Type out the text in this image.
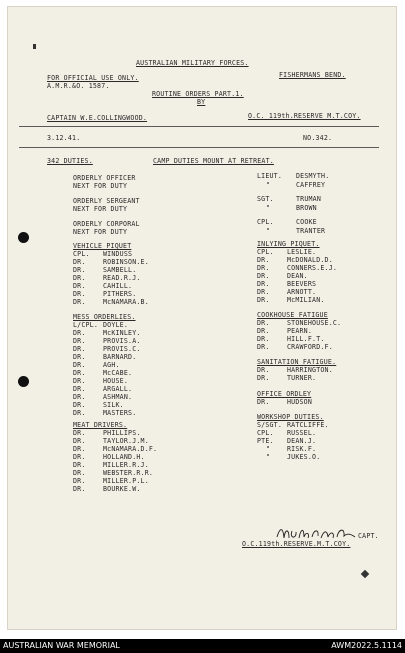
AUSTRALIAN MILITARY FORCES.
FOR OFFICIAL USE ONLY.
A.M.R.&O. 1587.
FISHERMANS BEND.
ROUTINE ORDERS PART.1.
BY
CAPTAIN W.E.COLLINGWOOD.	O.C. 119th.RESERVE M.T.COY.
3.12.41.	NO.342.
342 DUTIES.	CAMP DUTIES MOUNT AT RETREAT.
ORDERLY OFFICER
NEXT FOR DUTY
LIEUT. DESMYTH.
"	CAFFREY
ORDERLY SERGEANT
NEXT FOR DUTY
SGT.	TRUMAN
"	BROWN
ORDERLY CORPORAL
NEXT FOR DUTY
CPL.	COOKE
"	TRANTER
VEHICLE PIQUET
CPL. WINDUSS
DR.	ROBINSON.E.
DR.	SAMBELL.
DR.	READ.R.J.
DR.	CAHILL.
DR.	PITHERS.
DR.	McNAMARA.B.
INLYING PIQUET.
CPL. LESLIE.
DR.	McDONALD.D.
DR.	CONNERS.E.J.
DR.	DEAN.
DR.	BEEVERS
DR.	ARNOTT.
DR.	McMILIAN.
MESS ORDERLIES.
L/CPL. DOYLE.
DR.	McKINLEY.
DR.	PROVIS.A.
DR.	PROVIS.C.
DR.	BARNARD.
DR.	AGH.
DR.	McCABE.
DR.	HOUSE.
DR.	ARGALL.
DR.	ASHMAN.
DR.	SILK.
DR.	MASTERS.
COOKHOUSE FATIGUE
DR.	STONEHOUSE.C.
DR.	PEARN.
DR.	HILL.F.T.
DR.	CRAWFORD.F.
SANITATION FATIGUE.
DR.	HARRINGTON.
DR.	TURNER.
OFFICE ORDLEY
DR.	HUDSON
MEAT DRIVERS.
DR.	PHILLIPS.
DR.	TAYLOR.J.M.
DR.	McNAMARA.D.F.
DR.	HOLLAND.H.
DR.	MILLER.R.J.
DR.	WEBSTER.R.R.
DR.	MILLER.P.L.
DR.	BOURKE.W.
WORKSHOP DUTIES.
S/SGT. RATCLIFFE.
CPL. RUSSEL.
PTE. DEAN.J.
"	RISK.F.
"	JUKES.O.
CAPT.
O.C.119th.RESERVE.M.T.COY.
AUSTRALIAN WAR MEMORIAL	AWM2022.5.1114
